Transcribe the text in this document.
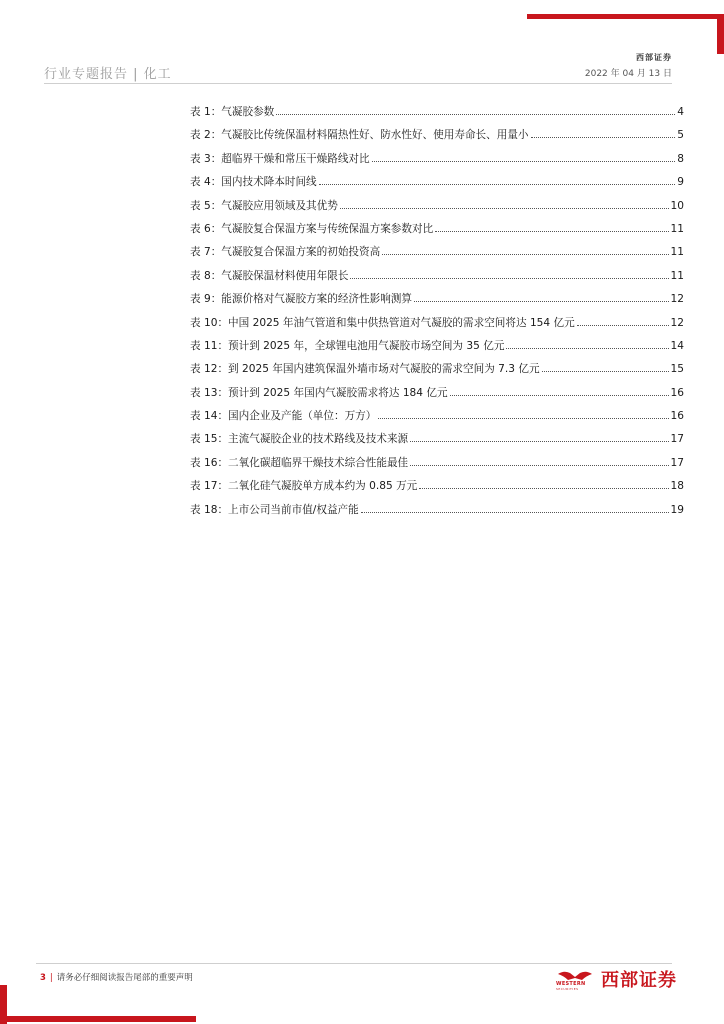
西部证券
2022 年 04 月 13 日
行业专题报告 | 化工
表 1：气凝胶参数	4
表 2：气凝胶比传统保温材料隔热性好、防水性好、使用寿命长、用量小	5
表 3：超临界干燥和常压干燥路线对比	8
表 4：国内技术降本时间线	9
表 5：气凝胶应用领域及其优势	10
表 6：气凝胶复合保温方案与传统保温方案参数对比	11
表 7：气凝胶复合保温方案的初始投资高	11
表 8：气凝胶保温材料使用年限长	11
表 9：能源价格对气凝胶方案的经济性影响测算	12
表 10：中国 2025 年油气管道和集中供热管道对气凝胶的需求空间将达 154 亿元	12
表 11：预计到 2025 年，全球锂电池用气凝胶市场空间为 35 亿元	14
表 12：到 2025 年国内建筑保温外墙市场对气凝胶的需求空间为 7.3 亿元	15
表 13：预计到 2025 年国内气凝胶需求将达 184 亿元	16
表 14：国内企业及产能（单位：万方）	16
表 15：主流气凝胶企业的技术路线及技术来源	17
表 16：二氧化碳超临界干燥技术综合性能最佳	17
表 17：二氧化硅气凝胶单方成本约为 0.85 万元	18
表 18：上市公司当前市值/权益产能	19
3 | 请务必仔细阅读报告尾部的重要声明
WESTERN
SECURITIES 西部证券
